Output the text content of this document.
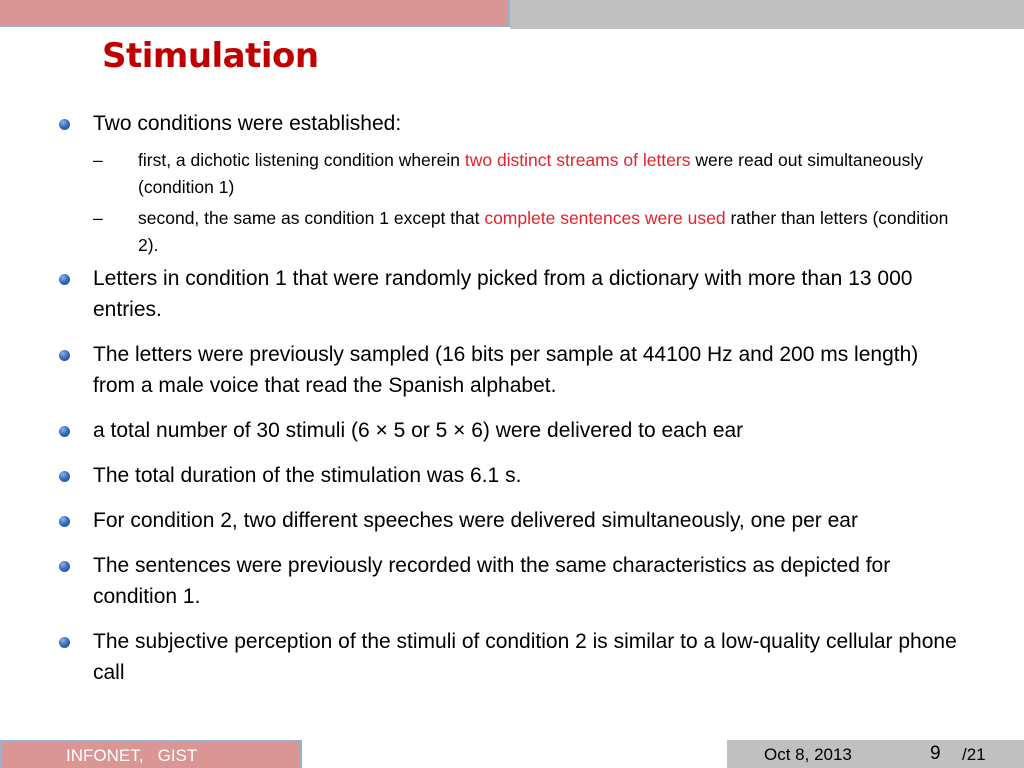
Stimulation
Two conditions were established:
– first, a dichotic listening condition wherein two distinct streams of letters were read out simultaneously (condition 1)
– second, the same as condition 1 except that complete sentences were used rather than letters (condition 2).
Letters in condition 1 that were randomly picked from a dictionary with more than 13 000 entries.
The letters were previously sampled (16 bits per sample at 44100 Hz and 200 ms length) from a male voice that read the Spanish alphabet.
a total number of 30 stimuli (6 × 5 or 5 × 6) were delivered to each ear
The total duration of the stimulation was 6.1 s.
For condition 2, two different speeches were delivered simultaneously, one per ear
The sentences were previously recorded with the same characteristics as depicted for condition 1.
The subjective perception of the stimuli of condition 2 is similar to a low-quality cellular phone call
INFONET,   GIST	Oct 8, 2013	9 /21
